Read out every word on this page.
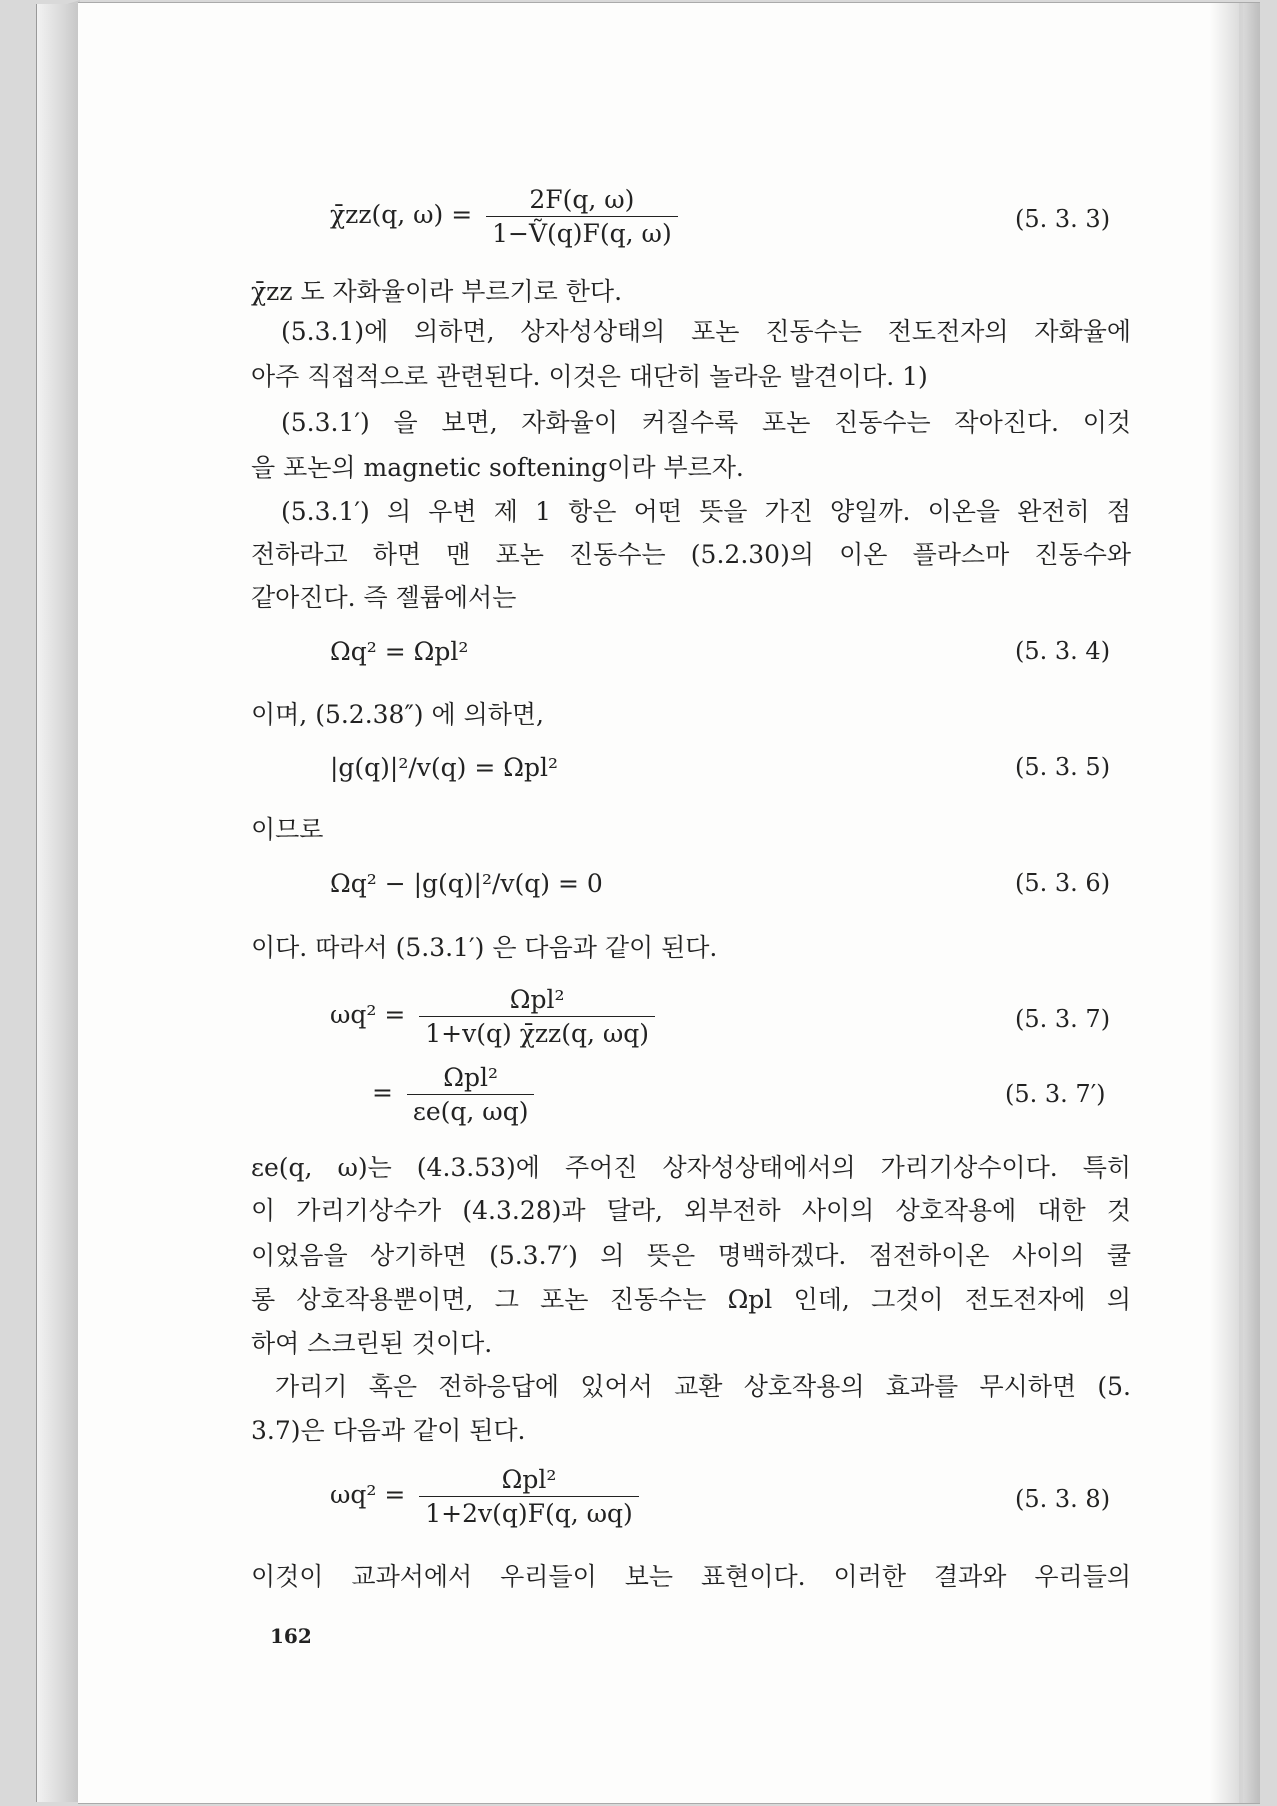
χ̄zz(q, $\omega) = \frac{2F(q, \omega)}{\text{1−Ṽ(q)F(q, ω)}}$	(5. 3. 3)
χ̄zz 도 자화율이라 부르기로 한다.
(5.3.1)에 의하면, 상자성상태의 포논 진동수는 전도전자의 자화율에
아주 직접적으로 관련된다. 이것은 대단히 놀라운 발견이다. 1)
(5.3.1′) 을 보면, 자화율이 커질수록 포논 진동수는 작아진다. 이것
을 포논의 magnetic softening이라 부르자.
(5.3.1′) 의 우변 제 1 항은 어떤 뜻을 가진 양일까. 이온을 완전히 점
전하라고 하면 맨 포논 진동수는 (5.2.30)의 이온 플라스마 진동수와
같아진다. 즉 젤륨에서는
Ωq² = Ωpl²	(5. 3. 4)
이며, (5.2.38″) 에 의하면,
|g(q)|²/v(q) = Ωpl²	(5. 3. 5)
이므로
Ωq² − |g(q)|²/v(q) = 0	(5. 3. 6)
이다. 따라서 (5.3.1′) 은 다음과 같이 된다.
$\omega q^2 = \frac{\text{Ωpl²}}{1+v(q) \chīzz(q, \omega q)}$	(5. 3. 7)
= $\frac{\text{Ωpl²}}{\varepsilon e(q, \omega q)}$	(5. 3. 7′)
εe(q, ω)는 (4.3.53)에 주어진 상자성상태에서의 가리기상수이다. 특히
이 가리기상수가 (4.3.28)과 달라, 외부전하 사이의 상호작용에 대한 것
이었음을 상기하면 (5.3.7′) 의 뜻은 명백하겠다. 점전하이온 사이의 쿨
롱 상호작용뿐이면, 그 포논 진동수는 Ωpl 인데, 그것이 전도전자에 의
하여 스크린된 것이다.
가리기 혹은 전하응답에 있어서 교환 상호작용의 효과를 무시하면 (5.
3.7)은 다음과 같이 된다.
$\omega q^2 = \frac{\text{Ωpl²}}{1+2v(q)F(q, \omega q)}$	(5. 3. 8)
이것이 교과서에서 우리들이 보는 표현이다. 이러한 결과와 우리들의
162
